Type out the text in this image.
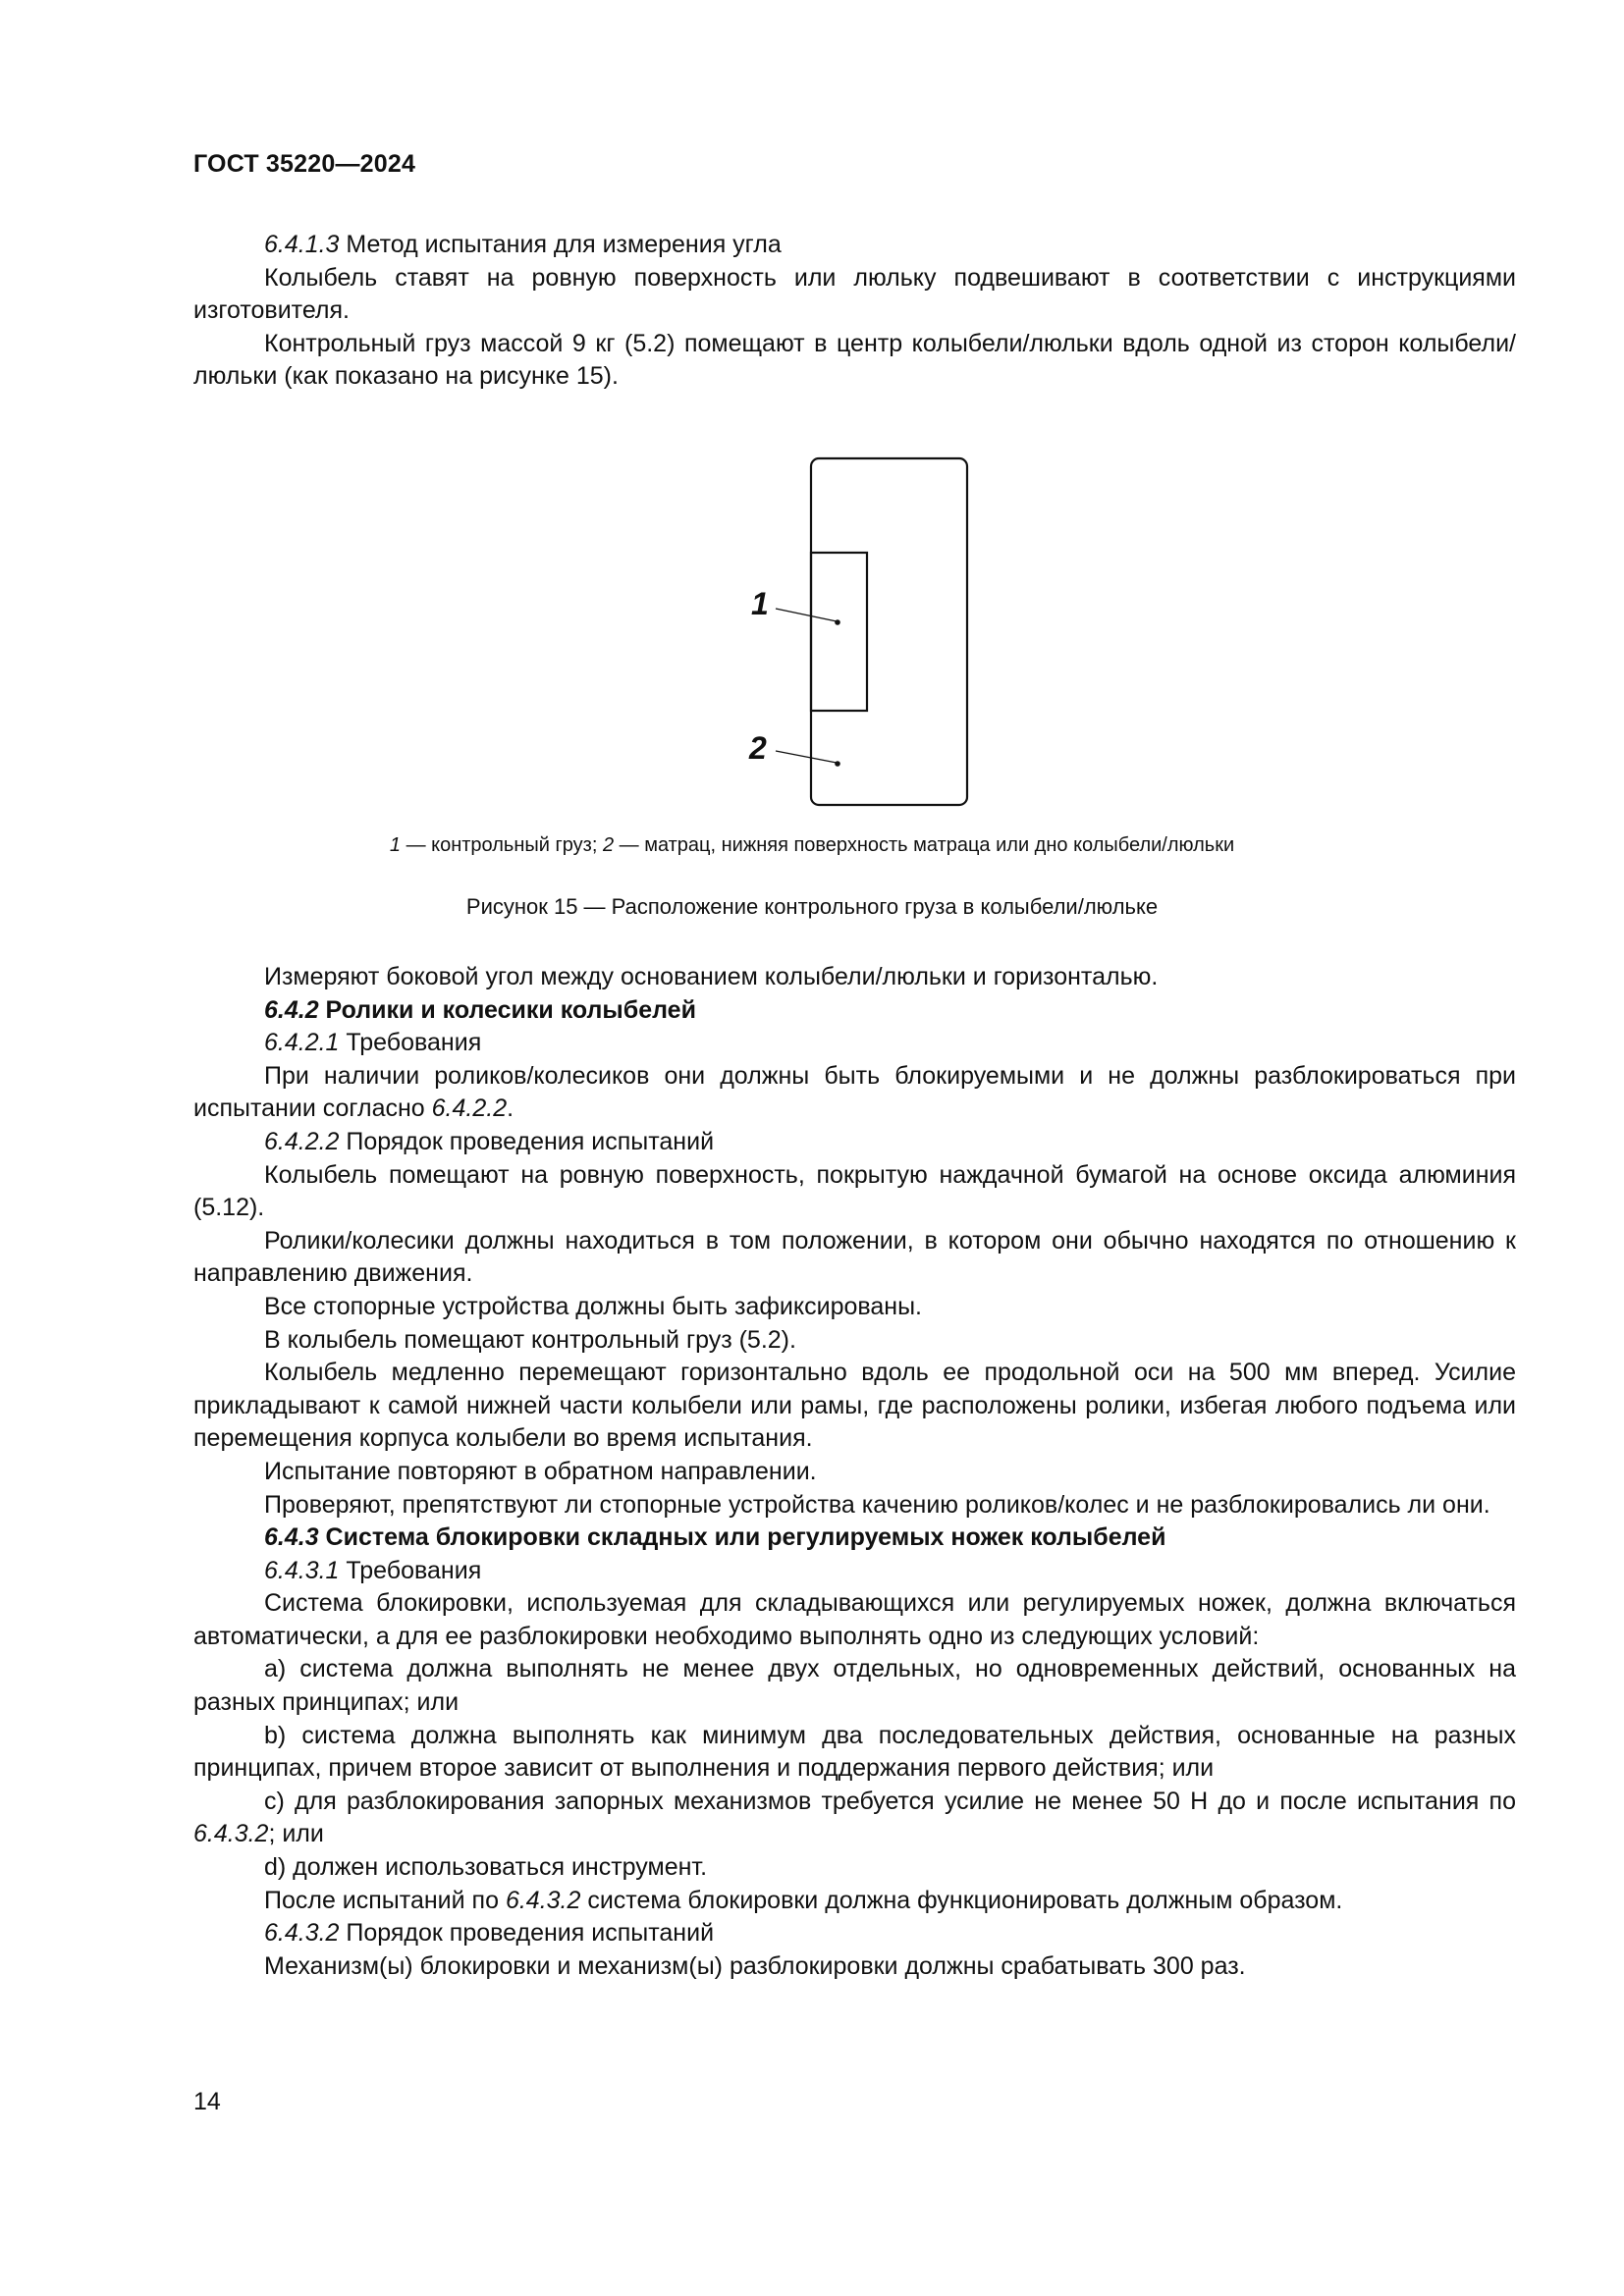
ГОСТ 35220—2024

6.4.1.3 Метод испытания для измерения угла

Колыбель ставят на ровную поверхность или люльку подвешивают в соответствии с инструкциями изготовителя.

Контрольный груз массой 9 кг (5.2) помещают в центр колыбели/люльки вдоль одной из сторон колыбели/люльки (как показано на рисунке 15).

1
2
1 — контрольный груз; 2 — матрац, нижняя поверхность матраца или дно колыбели/люльки
Рисунок 15 — Расположение контрольного груза в колыбели/люльке

Измеряют боковой угол между основанием колыбели/люльки и горизонталью.

6.4.2 Ролики и колесики колыбелей

6.4.2.1 Требования

При наличии роликов/колесиков они должны быть блокируемыми и не должны разблокироваться при испытании согласно 6.4.2.2.

6.4.2.2 Порядок проведения испытаний

Колыбель помещают на ровную поверхность, покрытую наждачной бумагой на основе оксида алюминия (5.12).

Ролики/колесики должны находиться в том положении, в котором они обычно находятся по отношению к направлению движения.

Все стопорные устройства должны быть зафиксированы.

В колыбель помещают контрольный груз (5.2).

Колыбель медленно перемещают горизонтально вдоль ее продольной оси на 500 мм вперед. Усилие прикладывают к самой нижней части колыбели или рамы, где расположены ролики, избегая любого подъема или перемещения корпуса колыбели во время испытания.

Испытание повторяют в обратном направлении.

Проверяют, препятствуют ли стопорные устройства качению роликов/колес и не разблокировались ли они.

6.4.3 Система блокировки складных или регулируемых ножек колыбелей

6.4.3.1 Требования

Система блокировки, используемая для складывающихся или регулируемых ножек, должна включаться автоматически, а для ее разблокировки необходимо выполнять одно из следующих условий:

a) система должна выполнять не менее двух отдельных, но одновременных действий, основанных на разных принципах; или

b) система должна выполнять как минимум два последовательных действия, основанные на разных принципах, причем второе зависит от выполнения и поддержания первого действия; или

c) для разблокирования запорных механизмов требуется усилие не менее 50 Н до и после испытания по 6.4.3.2; или

d) должен использоваться инструмент.

После испытаний по 6.4.3.2 система блокировки должна функционировать должным образом.

6.4.3.2 Порядок проведения испытаний

Механизм(ы) блокировки и механизм(ы) разблокировки должны срабатывать 300 раз.

14
